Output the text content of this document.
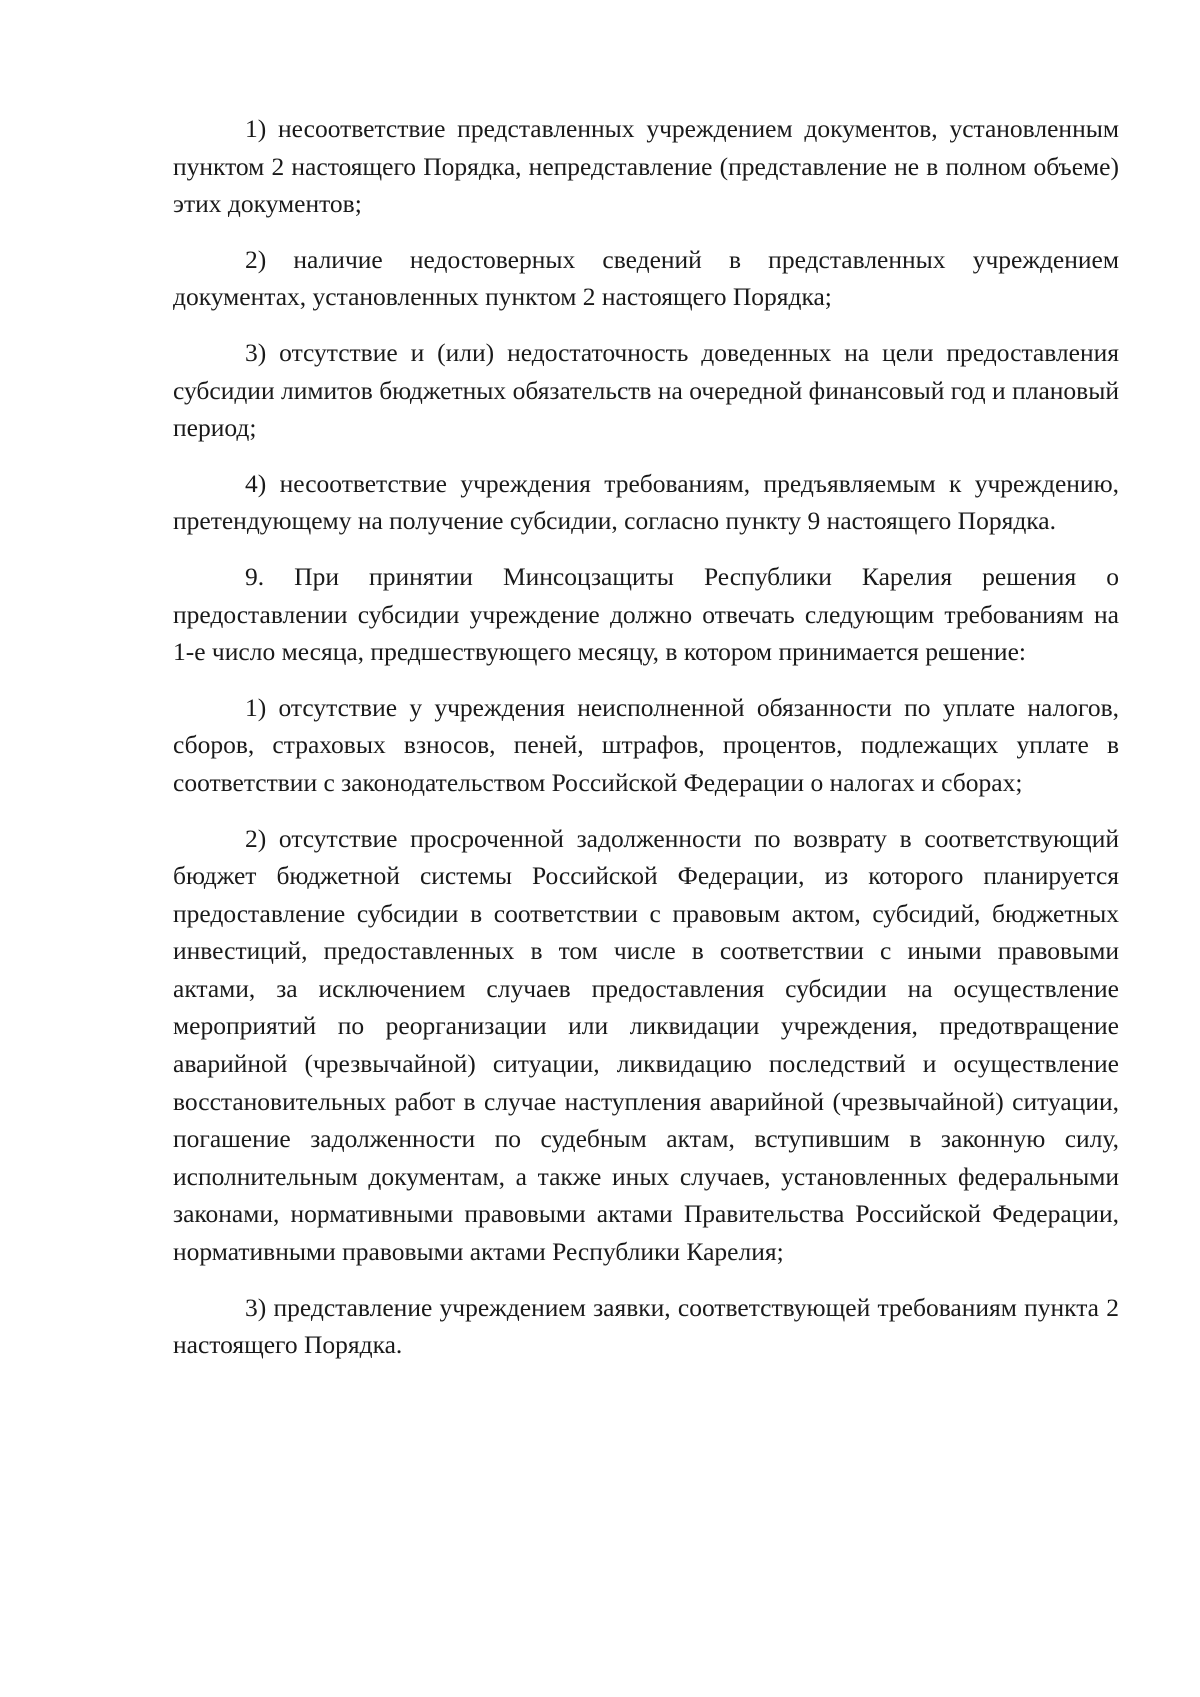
1) несоответствие представленных учреждением документов, установленным пунктом 2 настоящего Порядка, непредставление (представление не в полном объеме) этих документов;

2) наличие недостоверных сведений в представленных учреждением документах, установленных пунктом 2 настоящего Порядка;

3) отсутствие и (или) недостаточность доведенных на цели предоставления субсидии лимитов бюджетных обязательств на очередной финансовый год и плановый период;

4) несоответствие учреждения требованиям, предъявляемым к учреждению, претендующему на получение субсидии, согласно пункту 9 настоящего Порядка.

9. При принятии Минсоцзащиты Республики Карелия решения о предоставлении субсидии учреждение должно отвечать следующим требованиям на 1-е число месяца, предшествующего месяцу, в котором принимается решение:

1) отсутствие у учреждения неисполненной обязанности по уплате налогов, сборов, страховых взносов, пеней, штрафов, процентов, подлежащих уплате в соответствии с законодательством Российской Федерации о налогах и сборах;

2) отсутствие просроченной задолженности по возврату в соответствующий бюджет бюджетной системы Российской Федерации, из которого планируется предоставление субсидии в соответствии с правовым актом, субсидий, бюджетных инвестиций, предоставленных в том числе в соответствии с иными правовыми актами, за исключением случаев предоставления субсидии на осуществление мероприятий по реорганизации или ликвидации учреждения, предотвращение аварийной (чрезвычайной) ситуации, ликвидацию последствий и осуществление восстановительных работ в случае наступления аварийной (чрезвычайной) ситуации, погашение задолженности по судебным актам, вступившим в законную силу, исполнительным документам, а также иных случаев, установленных федеральными законами, нормативными правовыми актами Правительства Российской Федерации, нормативными правовыми актами Республики Карелия;

3) представление учреждением заявки, соответствующей требованиям пункта 2 настоящего Порядка.
